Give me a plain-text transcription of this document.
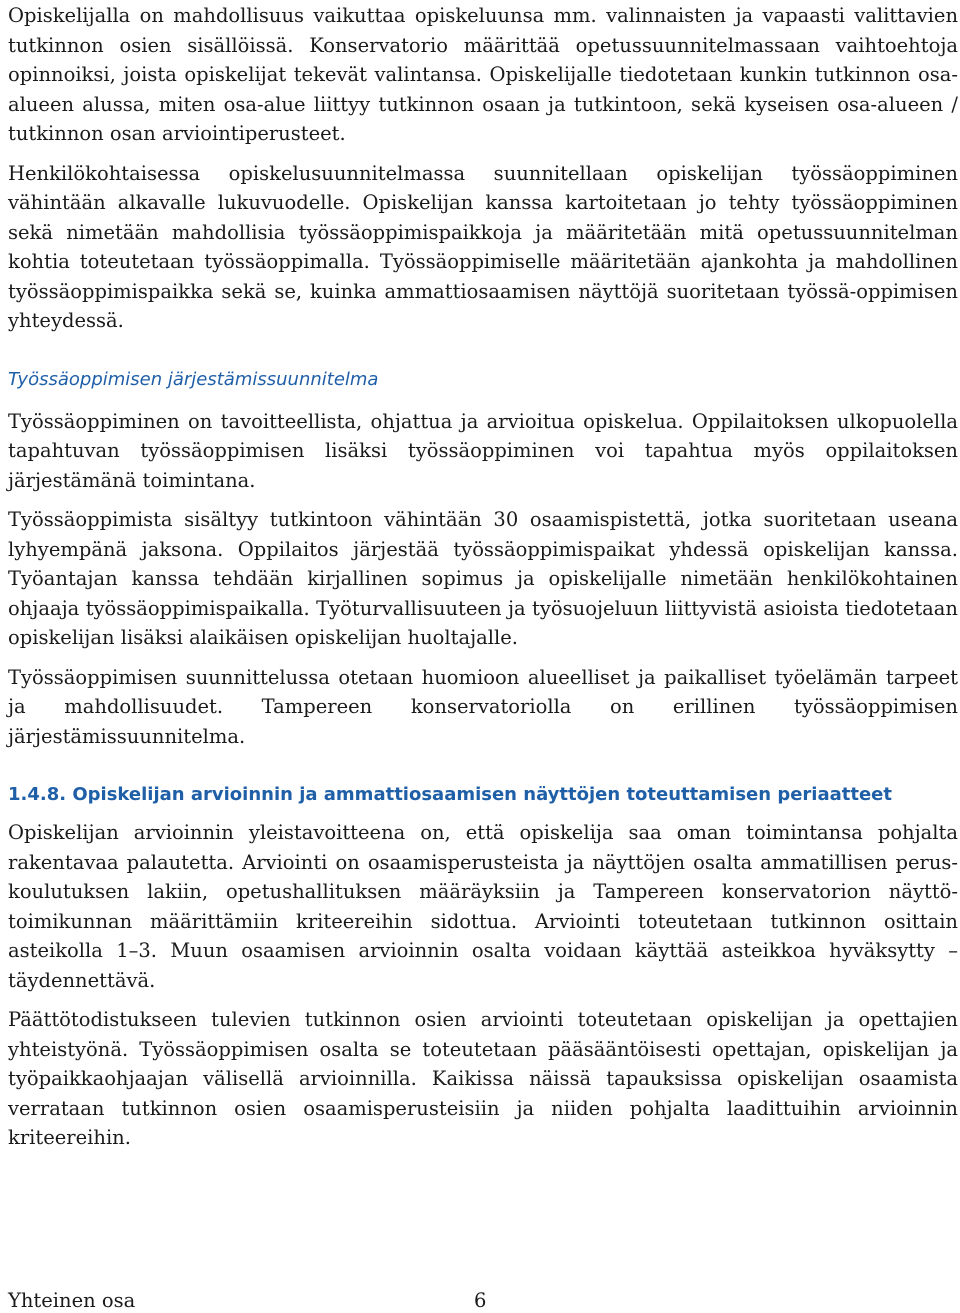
Opiskelijalla on mahdollisuus vaikuttaa opiskeluunsa mm. valinnaisten ja vapaasti valittavien tutkinnon osien sisällöissä. Konservatorio määrittää opetussuunnitelmassaan vaihtoehtoja opinnoiksi, joista opiskelijat tekevät valintansa. Opiskelijalle tiedotetaan kunkin tutkinnon osa-alueen alussa, miten osa-alue liittyy tutkinnon osaan ja tutkintoon, sekä kyseisen osa-alueen / tutkinnon osan arviointiperusteet.

Henkilökohtaisessa opiskelusuunnitelmassa suunnitellaan opiskelijan työssäoppiminen vähintään alkavalle lukuvuodelle. Opiskelijan kanssa kartoitetaan jo tehty työssäoppiminen sekä nimetään mahdollisia työssäoppimispaikkoja ja määritetään mitä opetussuunnitelman kohtia toteutetaan työssäoppimalla. Työssäoppimiselle määritetään ajankohta ja mahdollinen työssäoppimispaikka sekä se, kuinka ammattiosaamisen näyttöjä suoritetaan työssä-oppimisen yhteydessä.

Työssäoppimisen järjestämissuunnitelma

Työssäoppiminen on tavoitteellista, ohjattua ja arvioitua opiskelua. Oppilaitoksen ulkopuolella tapahtuvan työssäoppimisen lisäksi työssäoppiminen voi tapahtua myös oppilaitoksen järjestämänä toimintana.

Työssäoppimista sisältyy tutkintoon vähintään 30 osaamispistettä, jotka suoritetaan useana lyhyempänä jaksona. Oppilaitos järjestää työssäoppimispaikat yhdessä opiskelijan kanssa. Työantajan kanssa tehdään kirjallinen sopimus ja opiskelijalle nimetään henkilökohtainen ohjaaja työssäoppimispaikalla. Työturvallisuuteen ja työsuojeluun liittyvistä asioista tiedotetaan opiskelijan lisäksi alaikäisen opiskelijan huoltajalle.

Työssäoppimisen suunnittelussa otetaan huomioon alueelliset ja paikalliset työelämän tarpeet ja mahdollisuudet. Tampereen konservatoriolla on erillinen työssäoppimisen järjestämissuunnitelma.

1.4.8. Opiskelijan arvioinnin ja ammattiosaamisen näyttöjen toteuttamisen periaatteet

Opiskelijan arvioinnin yleistavoitteena on, että opiskelija saa oman toimintansa pohjalta rakentavaa palautetta. Arviointi on osaamisperusteista ja näyttöjen osalta ammatillisen perus-koulutuksen lakiin, opetushallituksen määräyksiin ja Tampereen konservatorion näyttö-toimikunnan määrittämiin kriteereihin sidottua. Arviointi toteutetaan tutkinnon osittain asteikolla 1–3. Muun osaamisen arvioinnin osalta voidaan käyttää asteikkoa hyväksytty – täydennettävä.

Päättötodistukseen tulevien tutkinnon osien arviointi toteutetaan opiskelijan ja opettajien yhteistyönä. Työssäoppimisen osalta se toteutetaan pääsääntöisesti opettajan, opiskelijan ja työpaikkaohjaajan välisellä arvioinnilla. Kaikissa näissä tapauksissa opiskelijan osaamista verrataan tutkinnon osien osaamisperusteisiin ja niiden pohjalta laadittuihin arvioinnin kriteereihin.

Yhteinen osa	6
